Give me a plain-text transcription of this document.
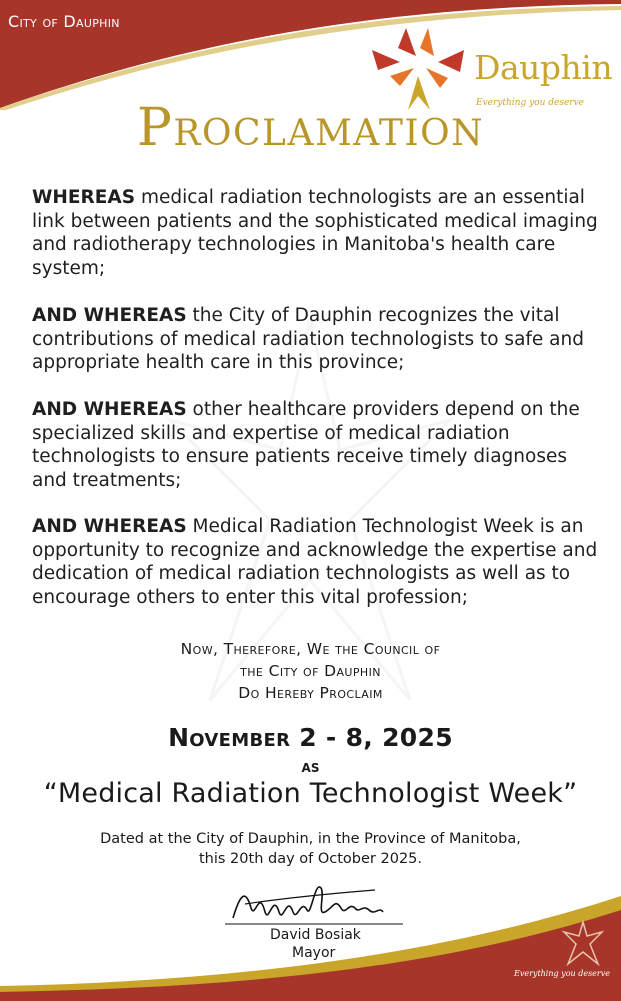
City of Dauphin
Dauphin
Everything you deserve
Proclamation
WHEREAS medical radiation technologists are an essential link between patients and the sophisticated medical imaging and radiotherapy technologies in Manitoba's health care system;
AND WHEREAS the City of Dauphin recognizes the vital contributions of medical radiation technologists to safe and appropriate health care in this province;
AND WHEREAS other healthcare providers depend on the specialized skills and expertise of medical radiation technologists to ensure patients receive timely diagnoses and treatments;
AND WHEREAS Medical Radiation Technologist Week is an opportunity to recognize and acknowledge the expertise and dedication of medical radiation technologists as well as to encourage others to enter this vital profession;
Now, Therefore, We the Council of
the City of Dauphin
Do Hereby Proclaim
November 2 - 8, 2025
AS
“Medical Radiation Technologist Week”
Dated at the City of Dauphin, in the Province of Manitoba,
this 20th day of October 2025.
David Bosiak
Mayor
Everything you deserve
